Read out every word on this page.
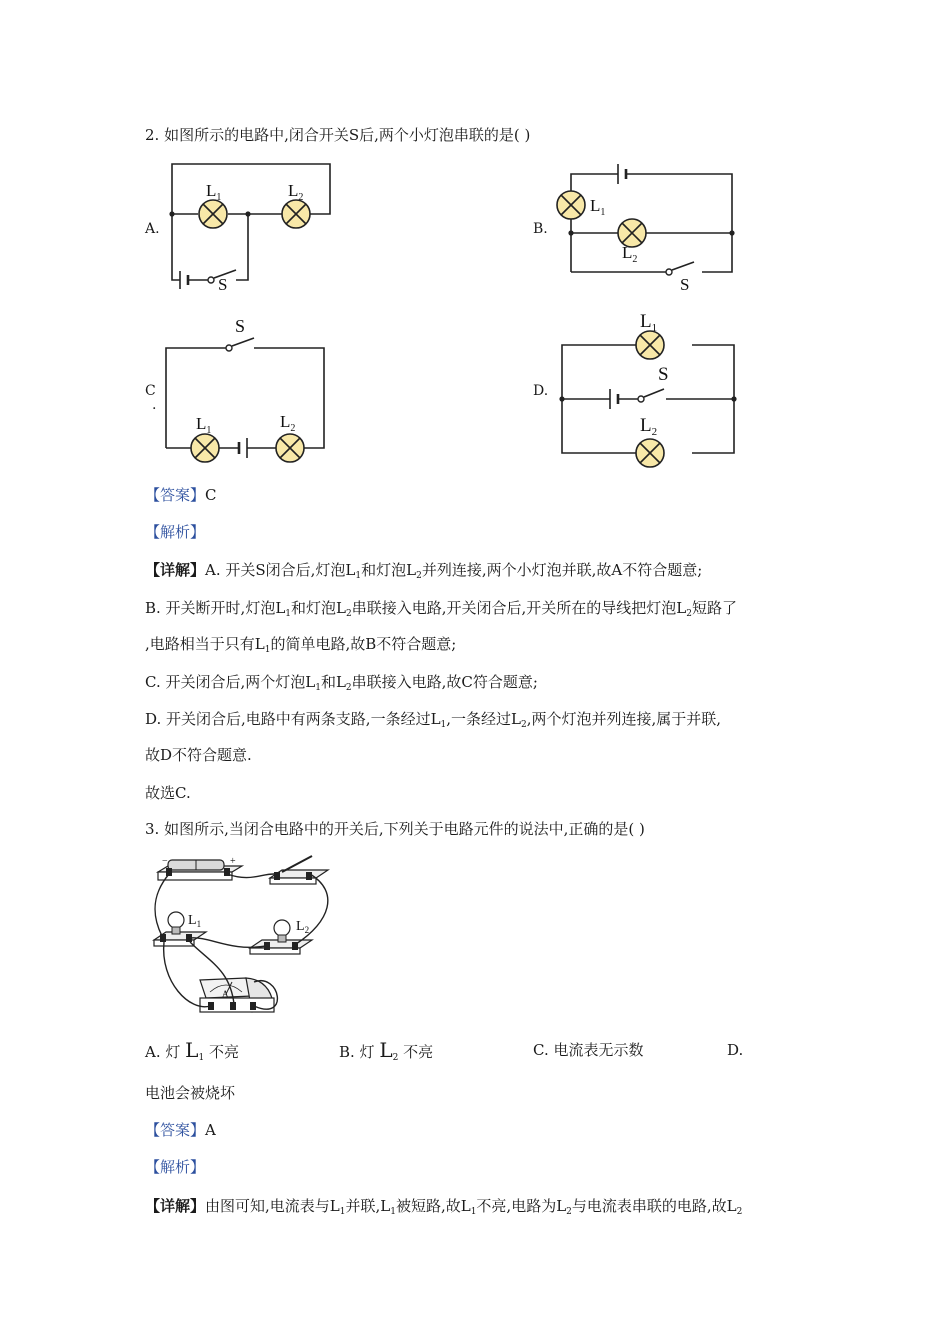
2. 如图所示的电路中,闭合开关S后,两个小灯泡串联的是( )
A.	B.
C
.
D.
$L_1$	$L_2$
S
$L_1$
$L_2$
S
S
$L_1$	$L_2$
$L_1$
S
$L_2$
【答案】C
【解析】
【详解】A. 开关S闭合后,灯泡$L_1$和灯泡$L_2$并列连接,两个小灯泡并联,故A不符合题意;
B. 开关断开时,灯泡$L_1$和灯泡$L_2$串联接入电路,开关闭合后,开关所在的导线把灯泡$L_2$短路了
,电路相当于只有$L_1$的简单电路,故B不符合题意;
C. 开关闭合后,两个灯泡$L_1$和$L_2$串联接入电路,故C符合题意;
D. 开关闭合后,电路中有两条支路,一条经过$L_1$,一条经过$L_2$,两个灯泡并列连接,属于并联,
故D不符合题意.
故选C.
3. 如图所示,当闭合电路中的开关后,下列关于电路元件的说法中,正确的是( )
−	+
$L_1$	$L_2$
A
A. 灯 $L_1$ 不亮	B. 灯 $L_2$ 不亮	C. 电流表无示数	D.
电池会被烧坏
【答案】A
【解析】
【详解】由图可知,电流表与$L_1$并联$,L_1$被短路,故$L_1$不亮,电路为$L_2$与电流表串联的电路,故$L_2$
